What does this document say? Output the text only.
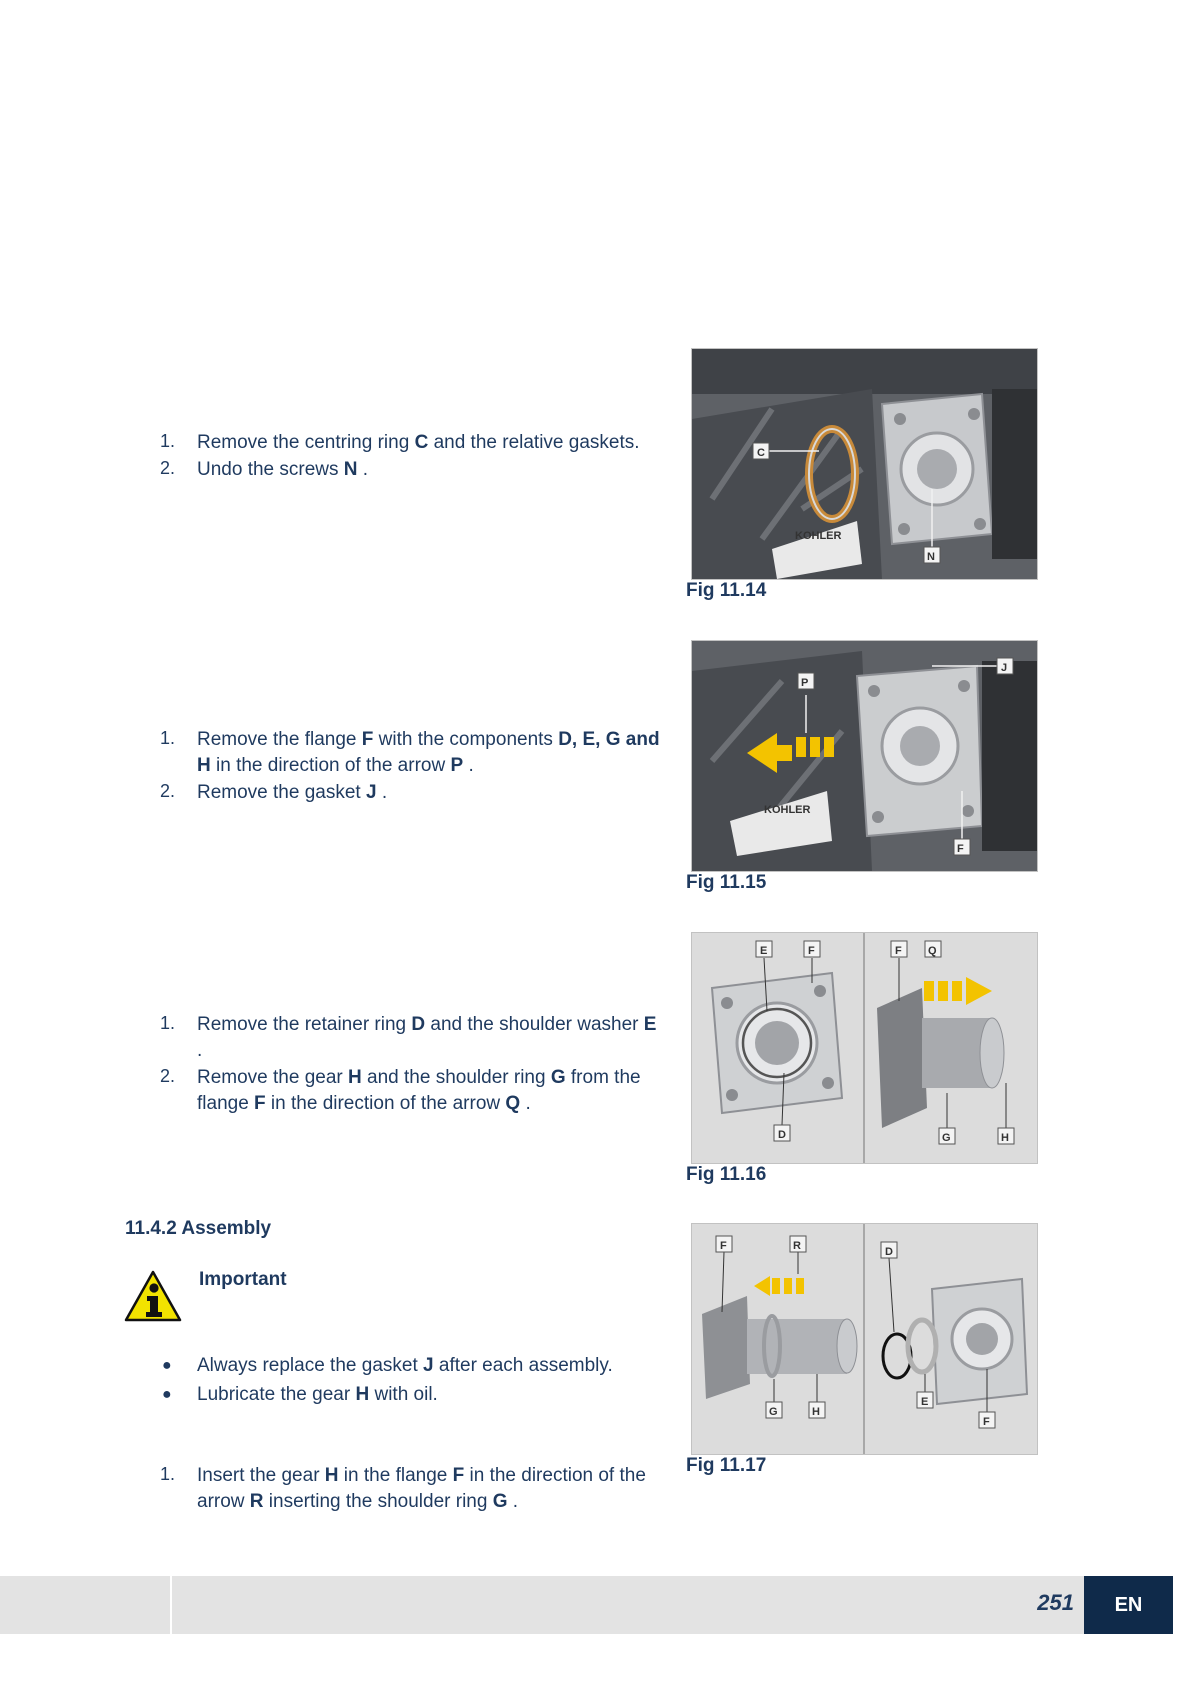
1. Remove the centring ring C and the relative gaskets.
2. Undo the screws N .
1. Remove the flange F with the components D, E, G and H in the direction of the arrow P .
2. Remove the gasket J .
1. Remove the retainer ring D and the shoulder washer E .
2. Remove the gear H and the shoulder ring G from the flange F in the direction of the arrow Q .
11.4.2 Assembly
Important
● Always replace the gasket J after each assembly.
● Lubricate the gear H with oil.
1. Insert the gear H in the flange F in the direction of the arrow R inserting the shoulder ring G .
KOHLER
C
N
Fig 11.14
KOHLER
P
J
F
Fig 11.15
E	F
D
F Q
G	H
Fig 11.16
F	R
G	H
D
E
F
Fig 11.17
251	EN
